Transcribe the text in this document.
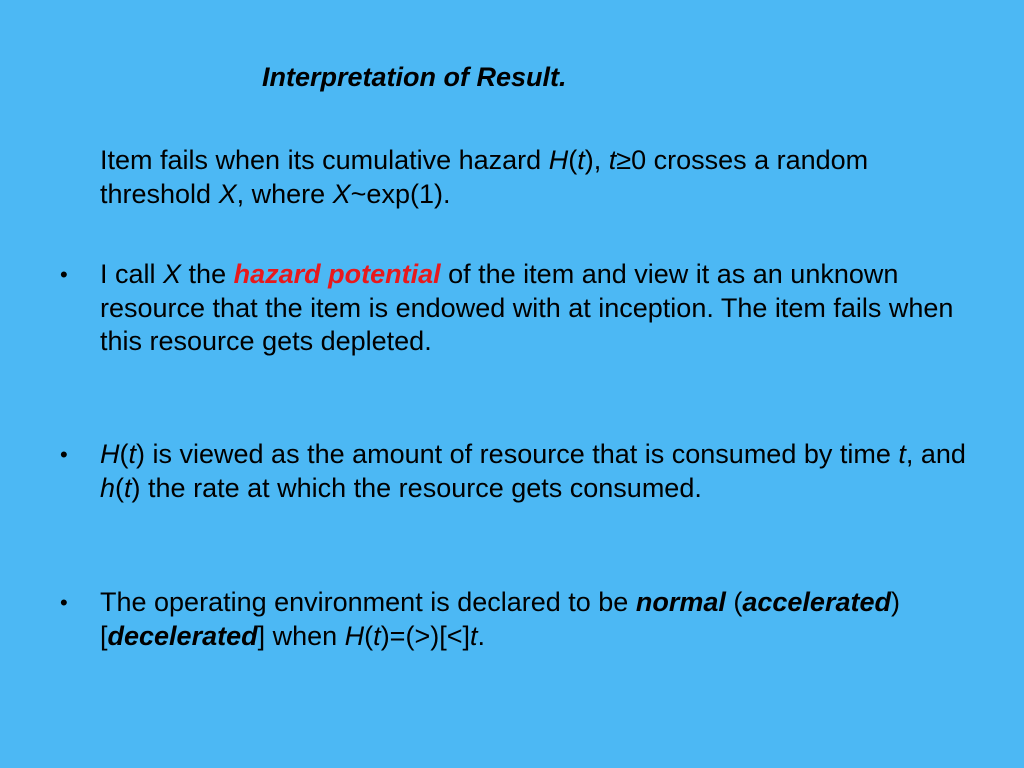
Interpretation of Result.
Item fails when its cumulative hazard H(t), t≥0 crosses a random threshold X, where X~exp(1).
• I call X the hazard potential of the item and view it as an unknown resource that the item is endowed with at inception. The item fails when this resource gets depleted.
• H(t) is viewed as the amount of resource that is consumed by time t, and h(t) the rate at which the resource gets consumed.
• The operating environment is declared to be normal (accelerated) [decelerated] when H(t)=(>)[<]t.
